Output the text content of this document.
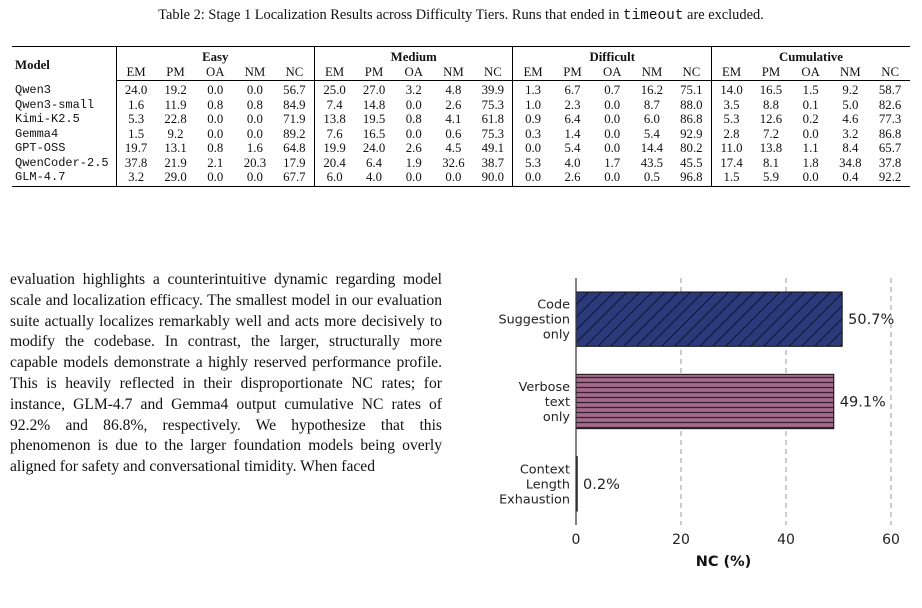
Table 2: Stage 1 Localization Results across Difficulty Tiers. Runs that ended in timeout are excluded.
Model	Easy					Medium					Difficult					Cumulative				
	EM	PM	OA	NM	NC	EM	PM	OA	NM	NC	EM	PM	OA	NM	NC	EM	PM	OA	NM	NC
Qwen3	24.0	19.2	0.0	0.0	56.7	25.0	27.0	3.2	4.8	39.9	1.3	6.7	0.7	16.2	75.1	14.0	16.5	1.5	9.2	58.7
Qwen3-small	1.6	11.9	0.8	0.8	84.9	7.4	14.8	0.0	2.6	75.3	1.0	2.3	0.0	8.7	88.0	3.5	8.8	0.1	5.0	82.6
Kimi-K2.5	5.3	22.8	0.0	0.0	71.9	13.8	19.5	0.8	4.1	61.8	0.9	6.4	0.0	6.0	86.8	5.3	12.6	0.2	4.6	77.3
Gemma4	1.5	9.2	0.0	0.0	89.2	7.6	16.5	0.0	0.6	75.3	0.3	1.4	0.0	5.4	92.9	2.8	7.2	0.0	3.2	86.8
GPT-OSS	19.7	13.1	0.8	1.6	64.8	19.9	24.0	2.6	4.5	49.1	0.0	5.4	0.0	14.4	80.2	11.0	13.8	1.1	8.4	65.7
QwenCoder-2.5	37.8	21.9	2.1	20.3	17.9	20.4	6.4	1.9	32.6	38.7	5.3	4.0	1.7	43.5	45.5	17.4	8.1	1.8	34.8	37.8
GLM-4.7	3.2	29.0	0.0	0.0	67.7	6.0	4.0	0.0	0.0	90.0	0.0	2.6	0.0	0.5	96.8	1.5	5.9	0.0	0.4	92.2

evaluation highlights a counterintuitive dynamic regarding model scale and localization efficacy. The smallest model in our evaluation suite actually localizes remarkably well and acts more decisively to modify the codebase. In contrast, the larger, structurally more capable models demonstrate a highly reserved performance profile. This is heavily reflected in their disproportionate NC rates; for instance, GLM-4.7 and Gemma4 output cumulative NC rates of 92.2% and 86.8%, respectively. We hypothesize that this phenomenon is due to the larger foundation models being overly aligned for safety and conversational timidity. When faced

50.7%
Code
Suggestion
only
49.1%
Verbose
text
only
0.2%
Context
Length
Exhaustion
0	20	40	60
NC (%)
